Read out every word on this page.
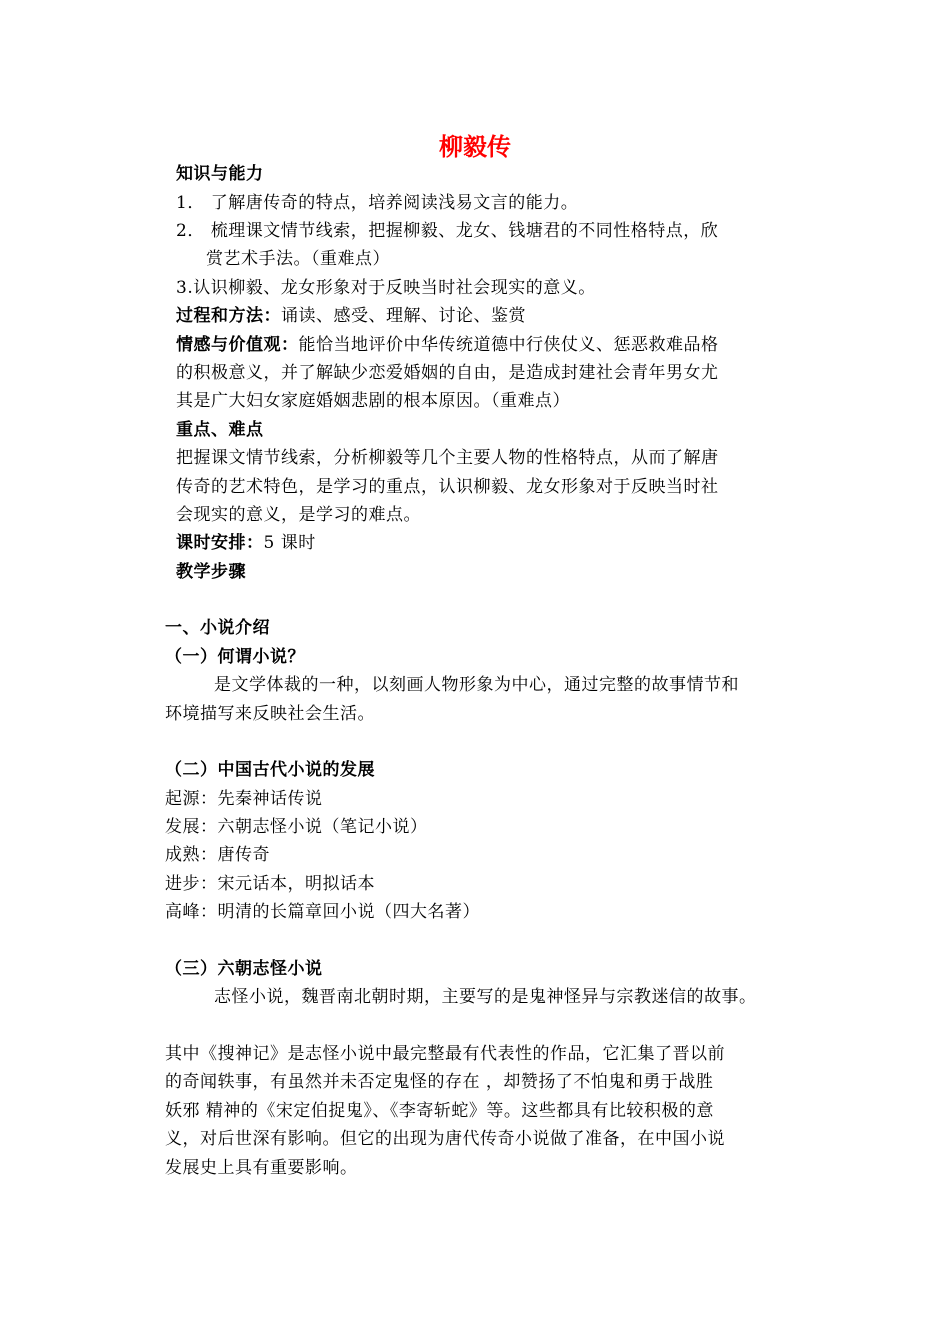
柳毅传
知识与能力
1． 了解唐传奇的特点，培养阅读浅易文言的能力。
2． 梳理课文情节线索，把握柳毅、龙女、钱塘君的不同性格特点，欣
赏艺术手法。（重难点）
3.认识柳毅、龙女形象对于反映当时社会现实的意义。
过程和方法：诵读、感受、理解、讨论、鉴赏
情感与价值观：能恰当地评价中华传统道德中行侠仗义、惩恶救难品格
的积极意义，并了解缺少恋爱婚姻的自由，是造成封建社会青年男女尤
其是广大妇女家庭婚姻悲剧的根本原因。（重难点）
重点、难点
把握课文情节线索，分析柳毅等几个主要人物的性格特点，从而了解唐
传奇的艺术特色，是学习的重点，认识柳毅、龙女形象对于反映当时社
会现实的意义，是学习的难点。
课时安排：5 课时
教学步骤
一、小说介绍
（一）何谓小说？
是文学体裁的一种，以刻画人物形象为中心，通过完整的故事情节和
环境描写来反映社会生活。
（二）中国古代小说的发展
起源：先秦神话传说
发展：六朝志怪小说（笔记小说）
成熟：唐传奇
进步：宋元话本，明拟话本
高峰：明清的长篇章回小说（四大名著）
（三）六朝志怪小说
志怪小说，魏晋南北朝时期，主要写的是鬼神怪异与宗教迷信的故事。
其中《搜神记》是志怪小说中最完整最有代表性的作品，它汇集了晋以前
的奇闻轶事，有虽然并未否定鬼怪的存在 ，却赞扬了不怕鬼和勇于战胜
妖邪 精神的《宋定伯捉鬼》、《李寄斩蛇》等。这些都具有比较积极的意
义，对后世深有影响。但它的出现为唐代传奇小说做了准备，在中国小说
发展史上具有重要影响。
